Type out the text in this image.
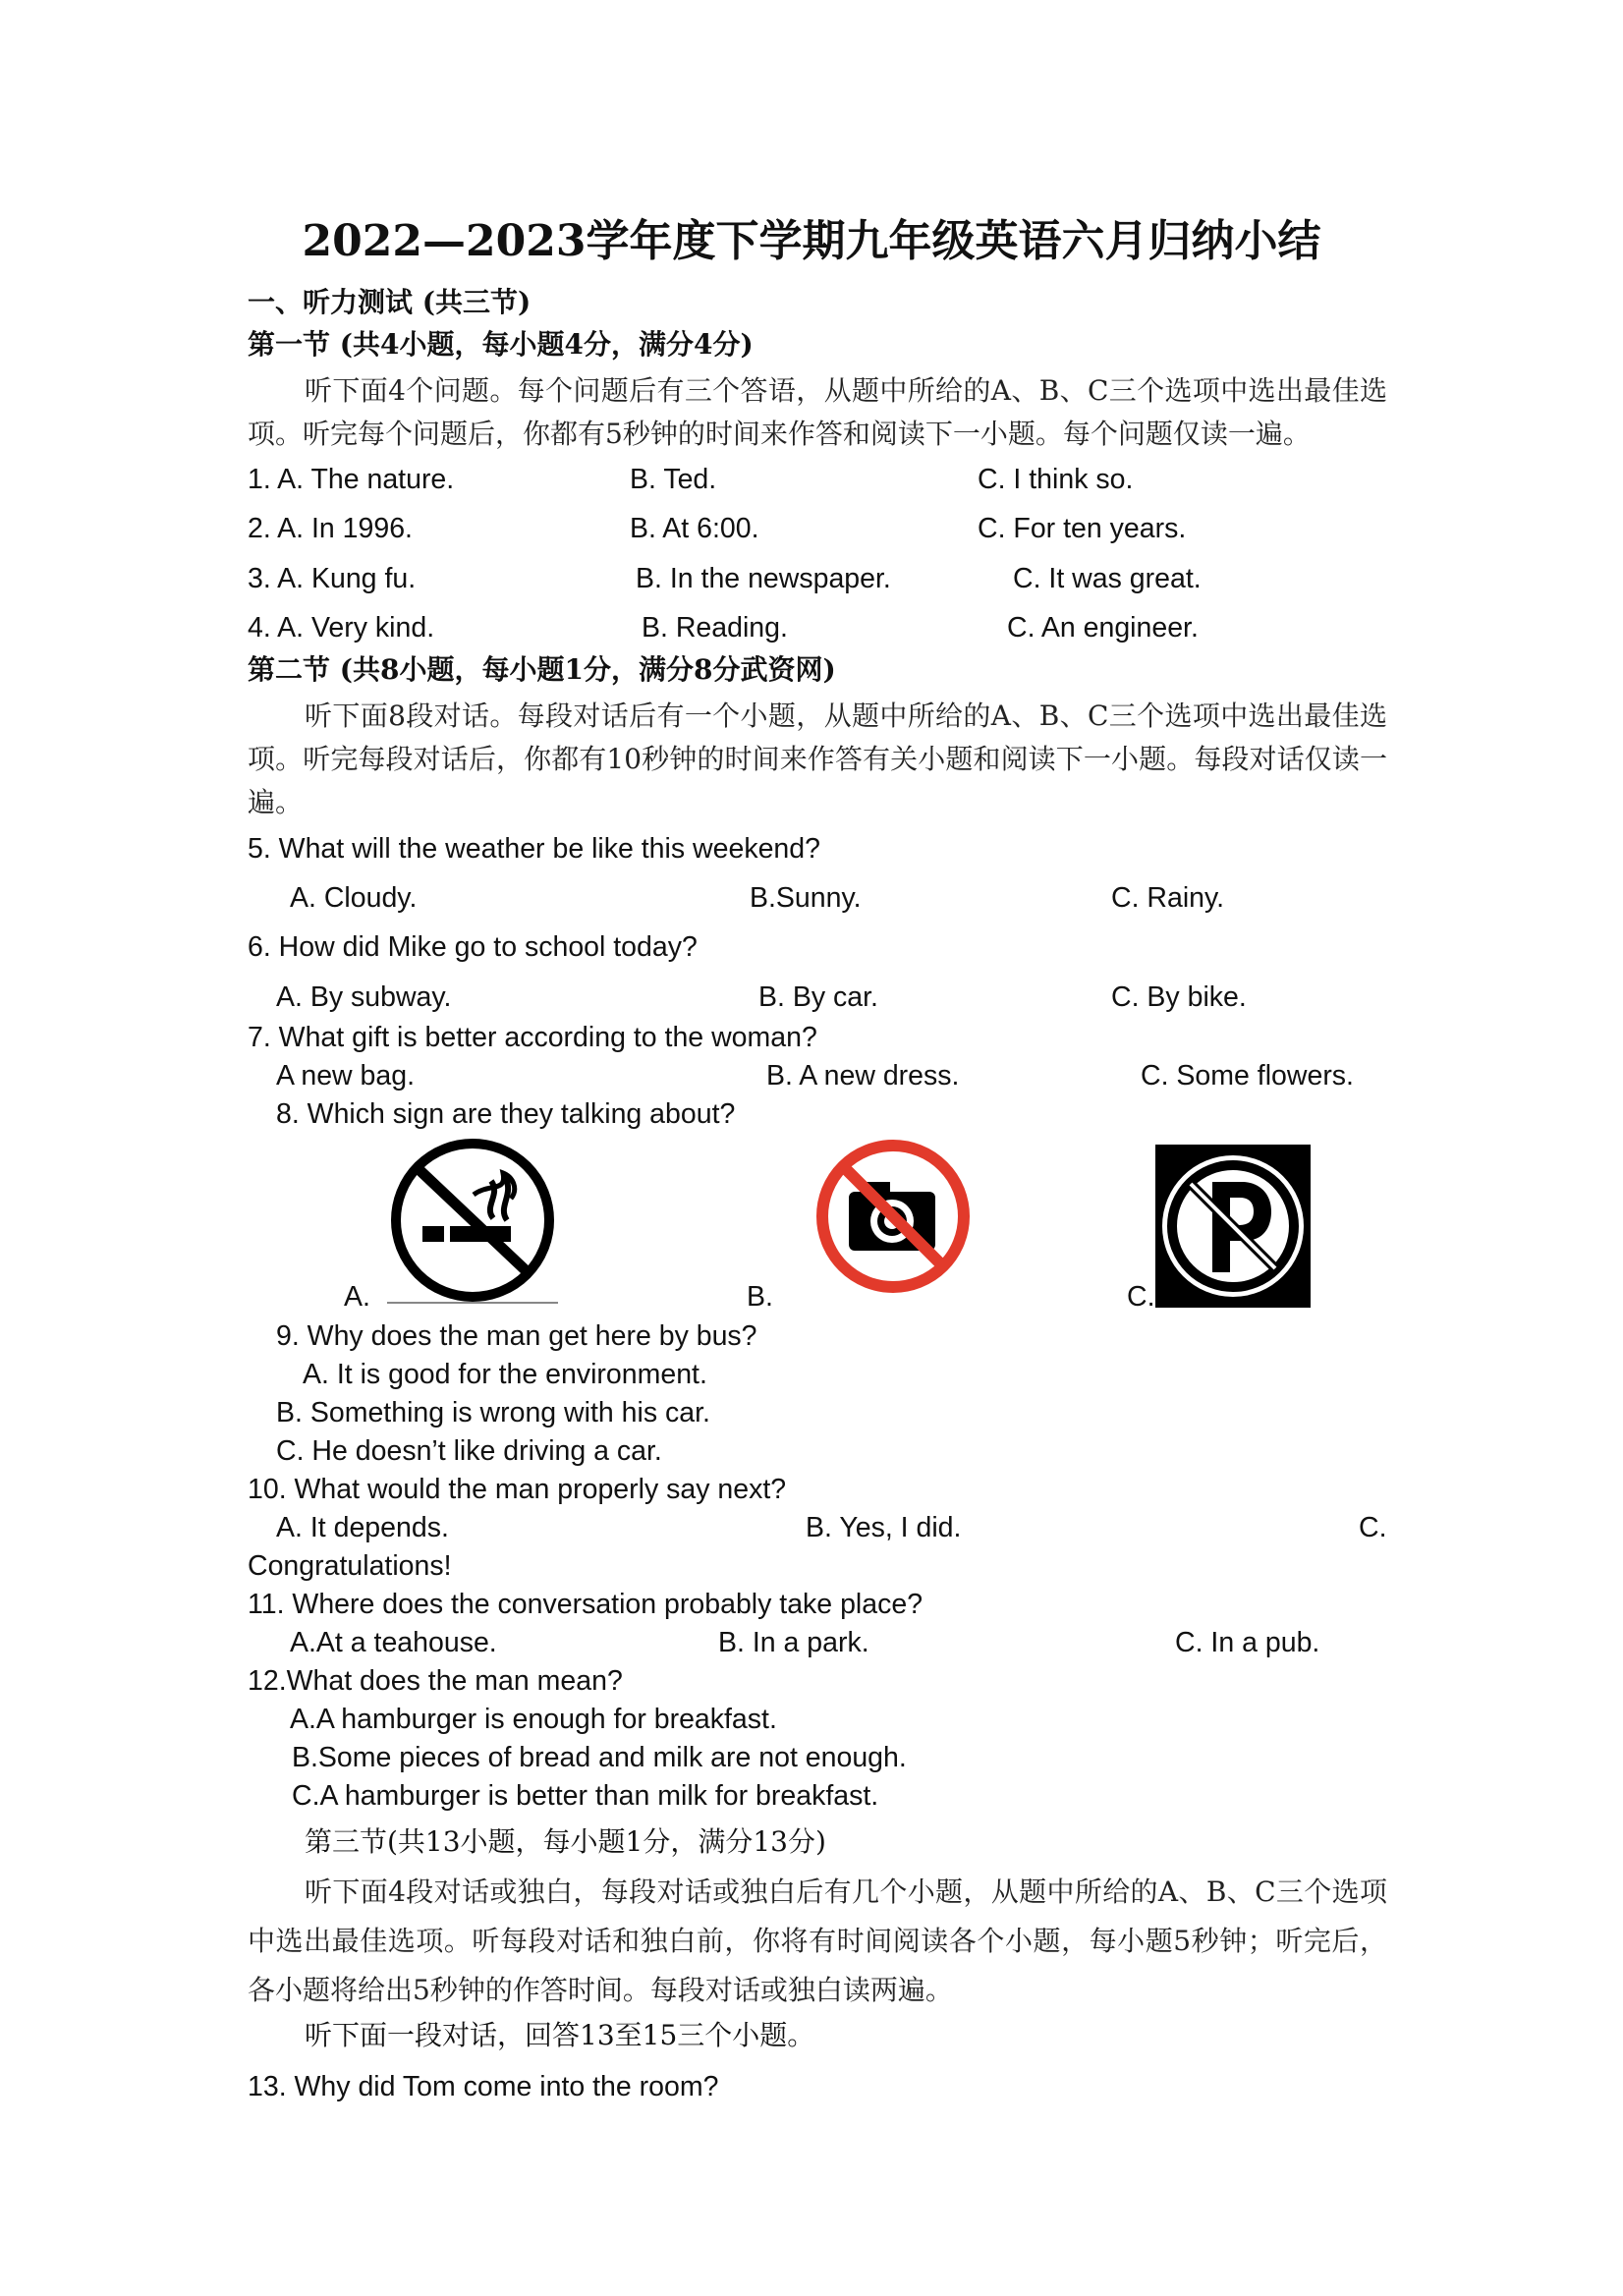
2022—2023学年度下学期九年级英语六月归纳小结
一、听力测试 (共三节)
第一节 (共4小题，每小题4分，满分4分)
听下面4个问题。每个问题后有三个答语，从题中所给的A、B、C三个选项中选出最佳选项。听完每个问题后，你都有5秒钟的时间来作答和阅读下一小题。每个问题仅读一遍。
1. A. The nature.	B. Ted.	C. I think so.
2. A. In 1996.	B. At 6:00.	C. For ten years.
3. A. Kung fu.	B. In the newspaper.	C. It was great.
4. A. Very kind.	B. Reading.	C. An engineer.
第二节 (共8小题，每小题1分，满分8分武资网)
听下面8段对话。每段对话后有一个小题，从题中所给的A、B、C三个选项中选出最佳选项。听完每段对话后，你都有10秒钟的时间来作答有关小题和阅读下一小题。每段对话仅读一遍。
5. What will the weather be like this weekend?
A. Cloudy.	B.Sunny.	C. Rainy.
6. How did Mike go to school today?
A. By subway.	B. By car.	C. By bike.
7. What gift is better according to the woman?
A new bag.	B. A new dress.	C. Some flowers.
8. Which sign are they talking about?
A.	B.	C.
9. Why does the man get here by bus?
A. It is good for the environment.
B. Something is wrong with his car.
C. He doesn’t like driving a car.
10. What would the man properly say next?
A. It depends.	B. Yes, I did.	C.
Congratulations!
11. Where does the conversation probably take place?
A.At a teahouse.	B. In a park.	C. In a pub.
12.What does the man mean?
A.A hamburger is enough for breakfast.
B.Some pieces of bread and milk are not enough.
C.A hamburger is better than milk for breakfast.
第三节(共13小题，每小题1分，满分13分)
听下面4段对话或独白，每段对话或独白后有几个小题，从题中所给的A、B、C三个选项中选出最佳选项。听每段对话和独白前，你将有时间阅读各个小题，每小题5秒钟；听完后，各小题将给出5秒钟的作答时间。每段对话或独白读两遍。
听下面一段对话，回答13至15三个小题。
13. Why did Tom come into the room?
